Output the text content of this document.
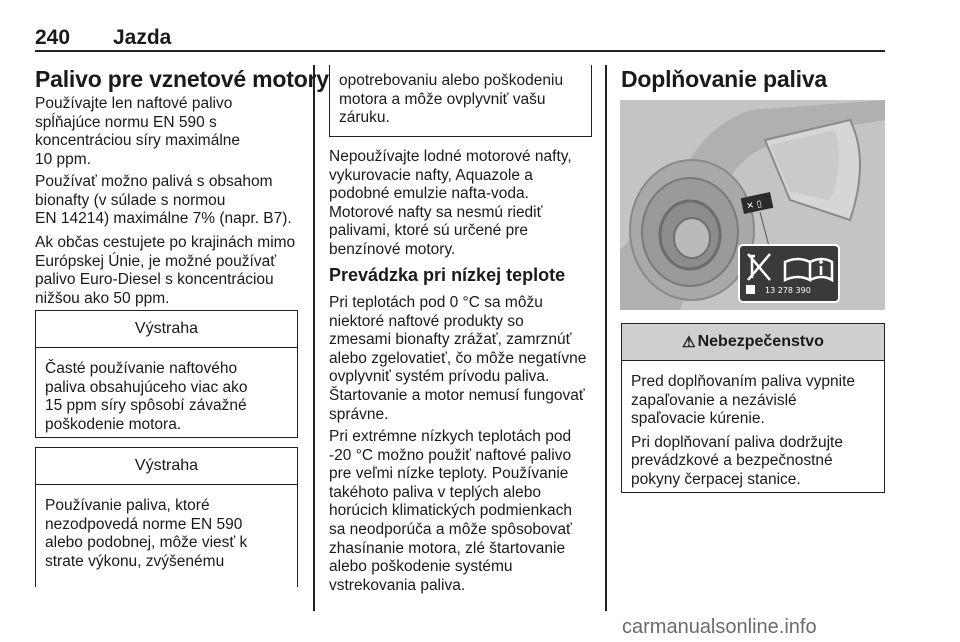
240 Jazda
Palivo pre vznetové motory
Používajte len naftové palivo
spĺňajúce normu EN 590 s
koncentráciou síry maximálne
10 ppm.
Používať možno palivá s obsahom
bionafty (v súlade s normou
EN 14214) maximálne 7% (napr. B7).
Ak občas cestujete po krajinách mimo
Európskej Únie, je možné používať
palivo Euro-Diesel s koncentráciou
nižšou ako 50 ppm.
Výstraha
Časté používanie naftového
paliva obsahujúceho viac ako
15 ppm síry spôsobí závažné
poškodenie motora.
Výstraha
Používanie paliva, ktoré
nezodpovedá norme EN 590
alebo podobnej, môže viesť k
strate výkonu, zvýšenému
opotrebovaniu alebo poškodeniu
motora a môže ovplyvniť vašu
záruku.
Nepoužívajte lodné motorové nafty,
vykurovacie nafty, Aquazole a
podobné emulzie nafta-voda.
Motorové nafty sa nesmú riediť
palivami, ktoré sú určené pre
benzínové motory.
Prevádzka pri nízkej teplote
Pri teplotách pod 0 °C sa môžu
niektoré naftové produkty so
zmesami bionafty zrážať, zamrznúť
alebo zgelovatieť, čo môže negatívne
ovplyvniť systém prívodu paliva.
Štartovanie a motor nemusí fungovať
správne.
Pri extrémne nízkych teplotách pod
-20 °C možno použiť naftové palivo
pre veľmi nízke teploty. Používanie
takéhoto paliva v teplých alebo
horúcich klimatických podmienkach
sa neodporúča a môže spôsobovať
zhasínanie motora, zlé štartovanie
alebo poškodenie systému
vstrekovania paliva.
Doplňovanie paliva
✕ ▯
13 278 390
⚠ Nebezpečenstvo
Pred doplňovaním paliva vypnite
zapaľovanie a nezávislé
spaľovacie kúrenie.
Pri doplňovaní paliva dodržujte
prevádzkové a bezpečnostné
pokyny čerpacej stanice.
carmanualsonline.info
